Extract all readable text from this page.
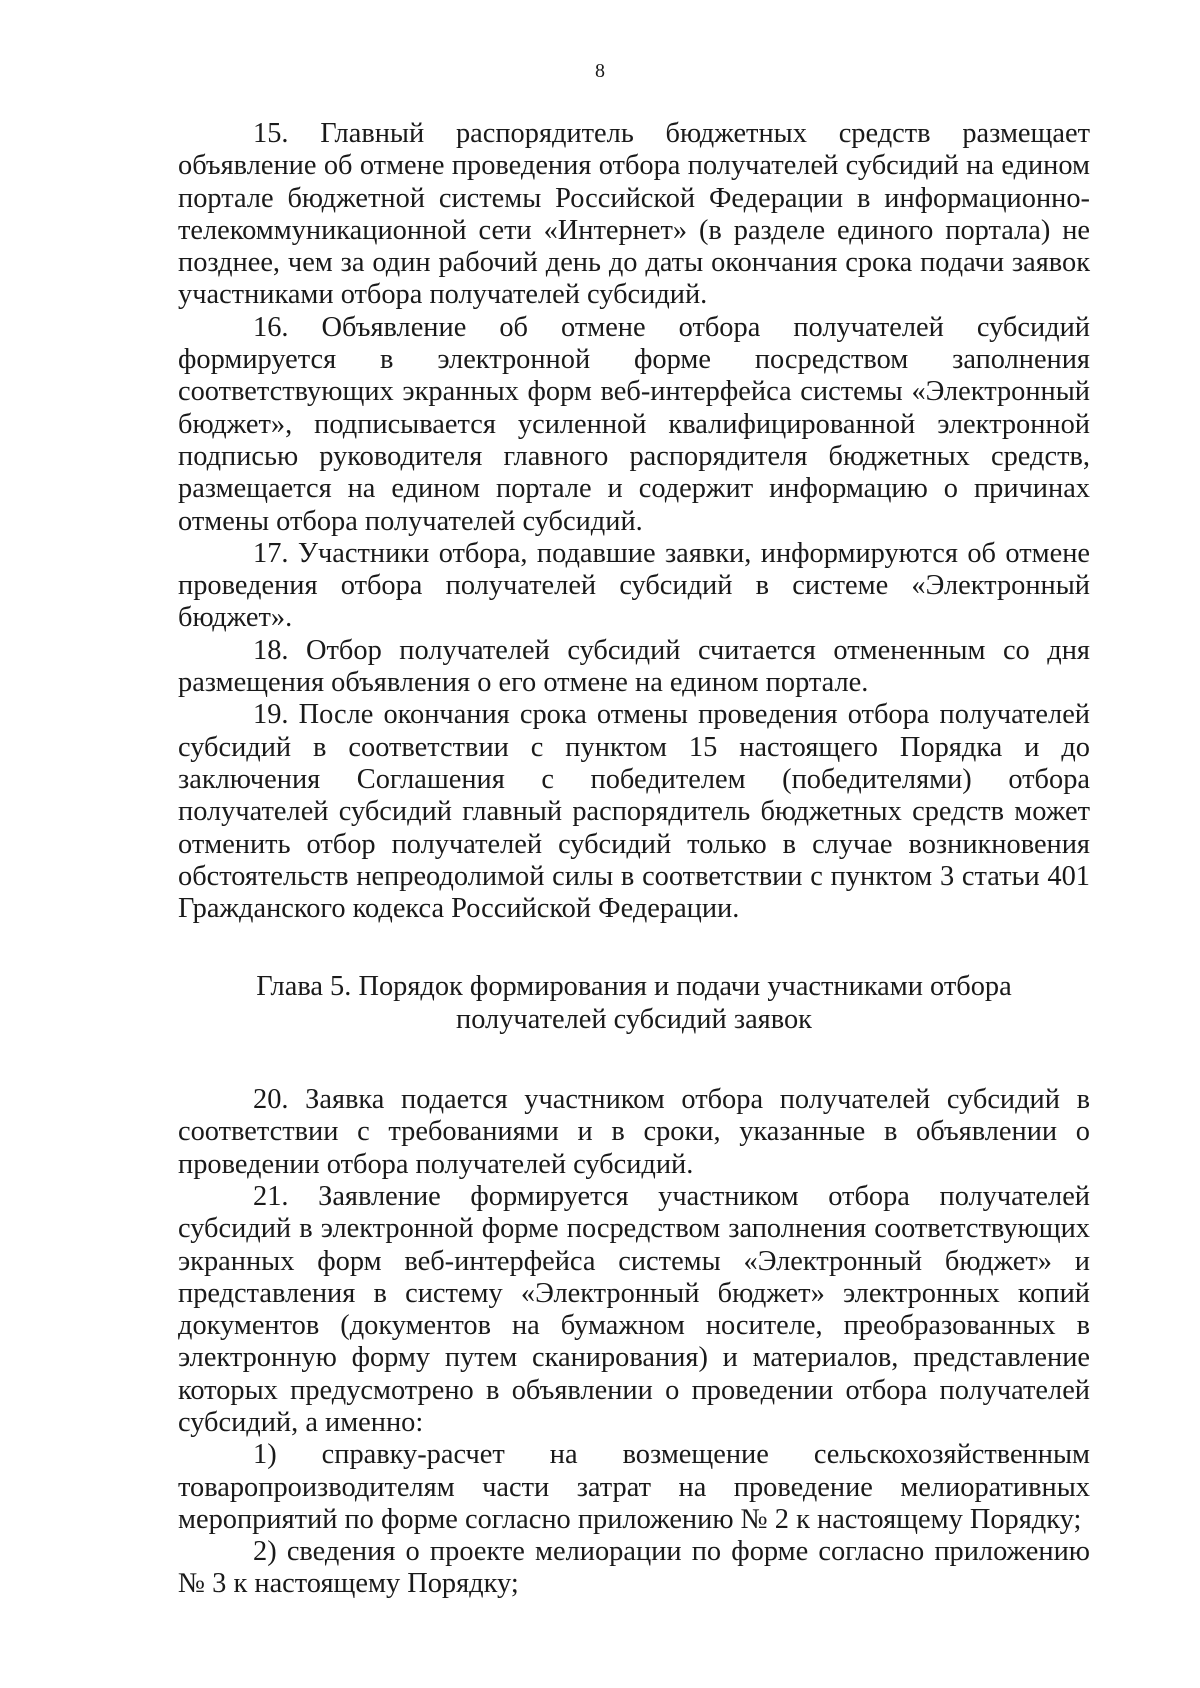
8

15. Главный распорядитель бюджетных средств размещает объявление об отмене проведения отбора получателей субсидий на едином портале бюджетной системы Российской Федерации в информационно-телекоммуникационной сети «Интернет» (в разделе единого портала) не позднее, чем за один рабочий день до даты окончания срока подачи заявок участниками отбора получателей субсидий.

16. Объявление об отмене отбора получателей субсидий формируется в электронной форме посредством заполнения соответствующих экранных форм веб-интерфейса системы «Электронный бюджет», подписывается усиленной квалифицированной электронной подписью руководителя главного распорядителя бюджетных средств, размещается на едином портале и содержит информацию о причинах отмены отбора получателей субсидий.

17. Участники отбора, подавшие заявки, информируются об отмене проведения отбора получателей субсидий в системе «Электронный бюджет».

18. Отбор получателей субсидий считается отмененным со дня размещения объявления о его отмене на едином портале.

19. После окончания срока отмены проведения отбора получателей субсидий в соответствии с пунктом 15 настоящего Порядка и до заключения Соглашения с победителем (победителями) отбора получателей субсидий главный распорядитель бюджетных средств может отменить отбор получателей субсидий только в случае возникновения обстоятельств непреодолимой силы в соответствии с пунктом 3 статьи 401 Гражданского кодекса Российской Федерации.

Глава 5. Порядок формирования и подачи участниками отбора
получателей субсидий заявок

20. Заявка подается участником отбора получателей субсидий в соответствии с требованиями и в сроки, указанные в объявлении о проведении отбора получателей субсидий.

21. Заявление формируется участником отбора получателей субсидий в электронной форме посредством заполнения соответствующих экранных форм веб-интерфейса системы «Электронный бюджет» и представления в систему «Электронный бюджет» электронных копий документов (документов на бумажном носителе, преобразованных в электронную форму путем сканирования) и материалов, представление которых предусмотрено в объявлении о проведении отбора получателей субсидий, а именно:

1) справку-расчет на возмещение сельскохозяйственным товаропроизводителям части затрат на проведение мелиоративных мероприятий по форме согласно приложению № 2 к настоящему Порядку;

2) сведения о проекте мелиорации по форме согласно приложению № 3 к настоящему Порядку;
